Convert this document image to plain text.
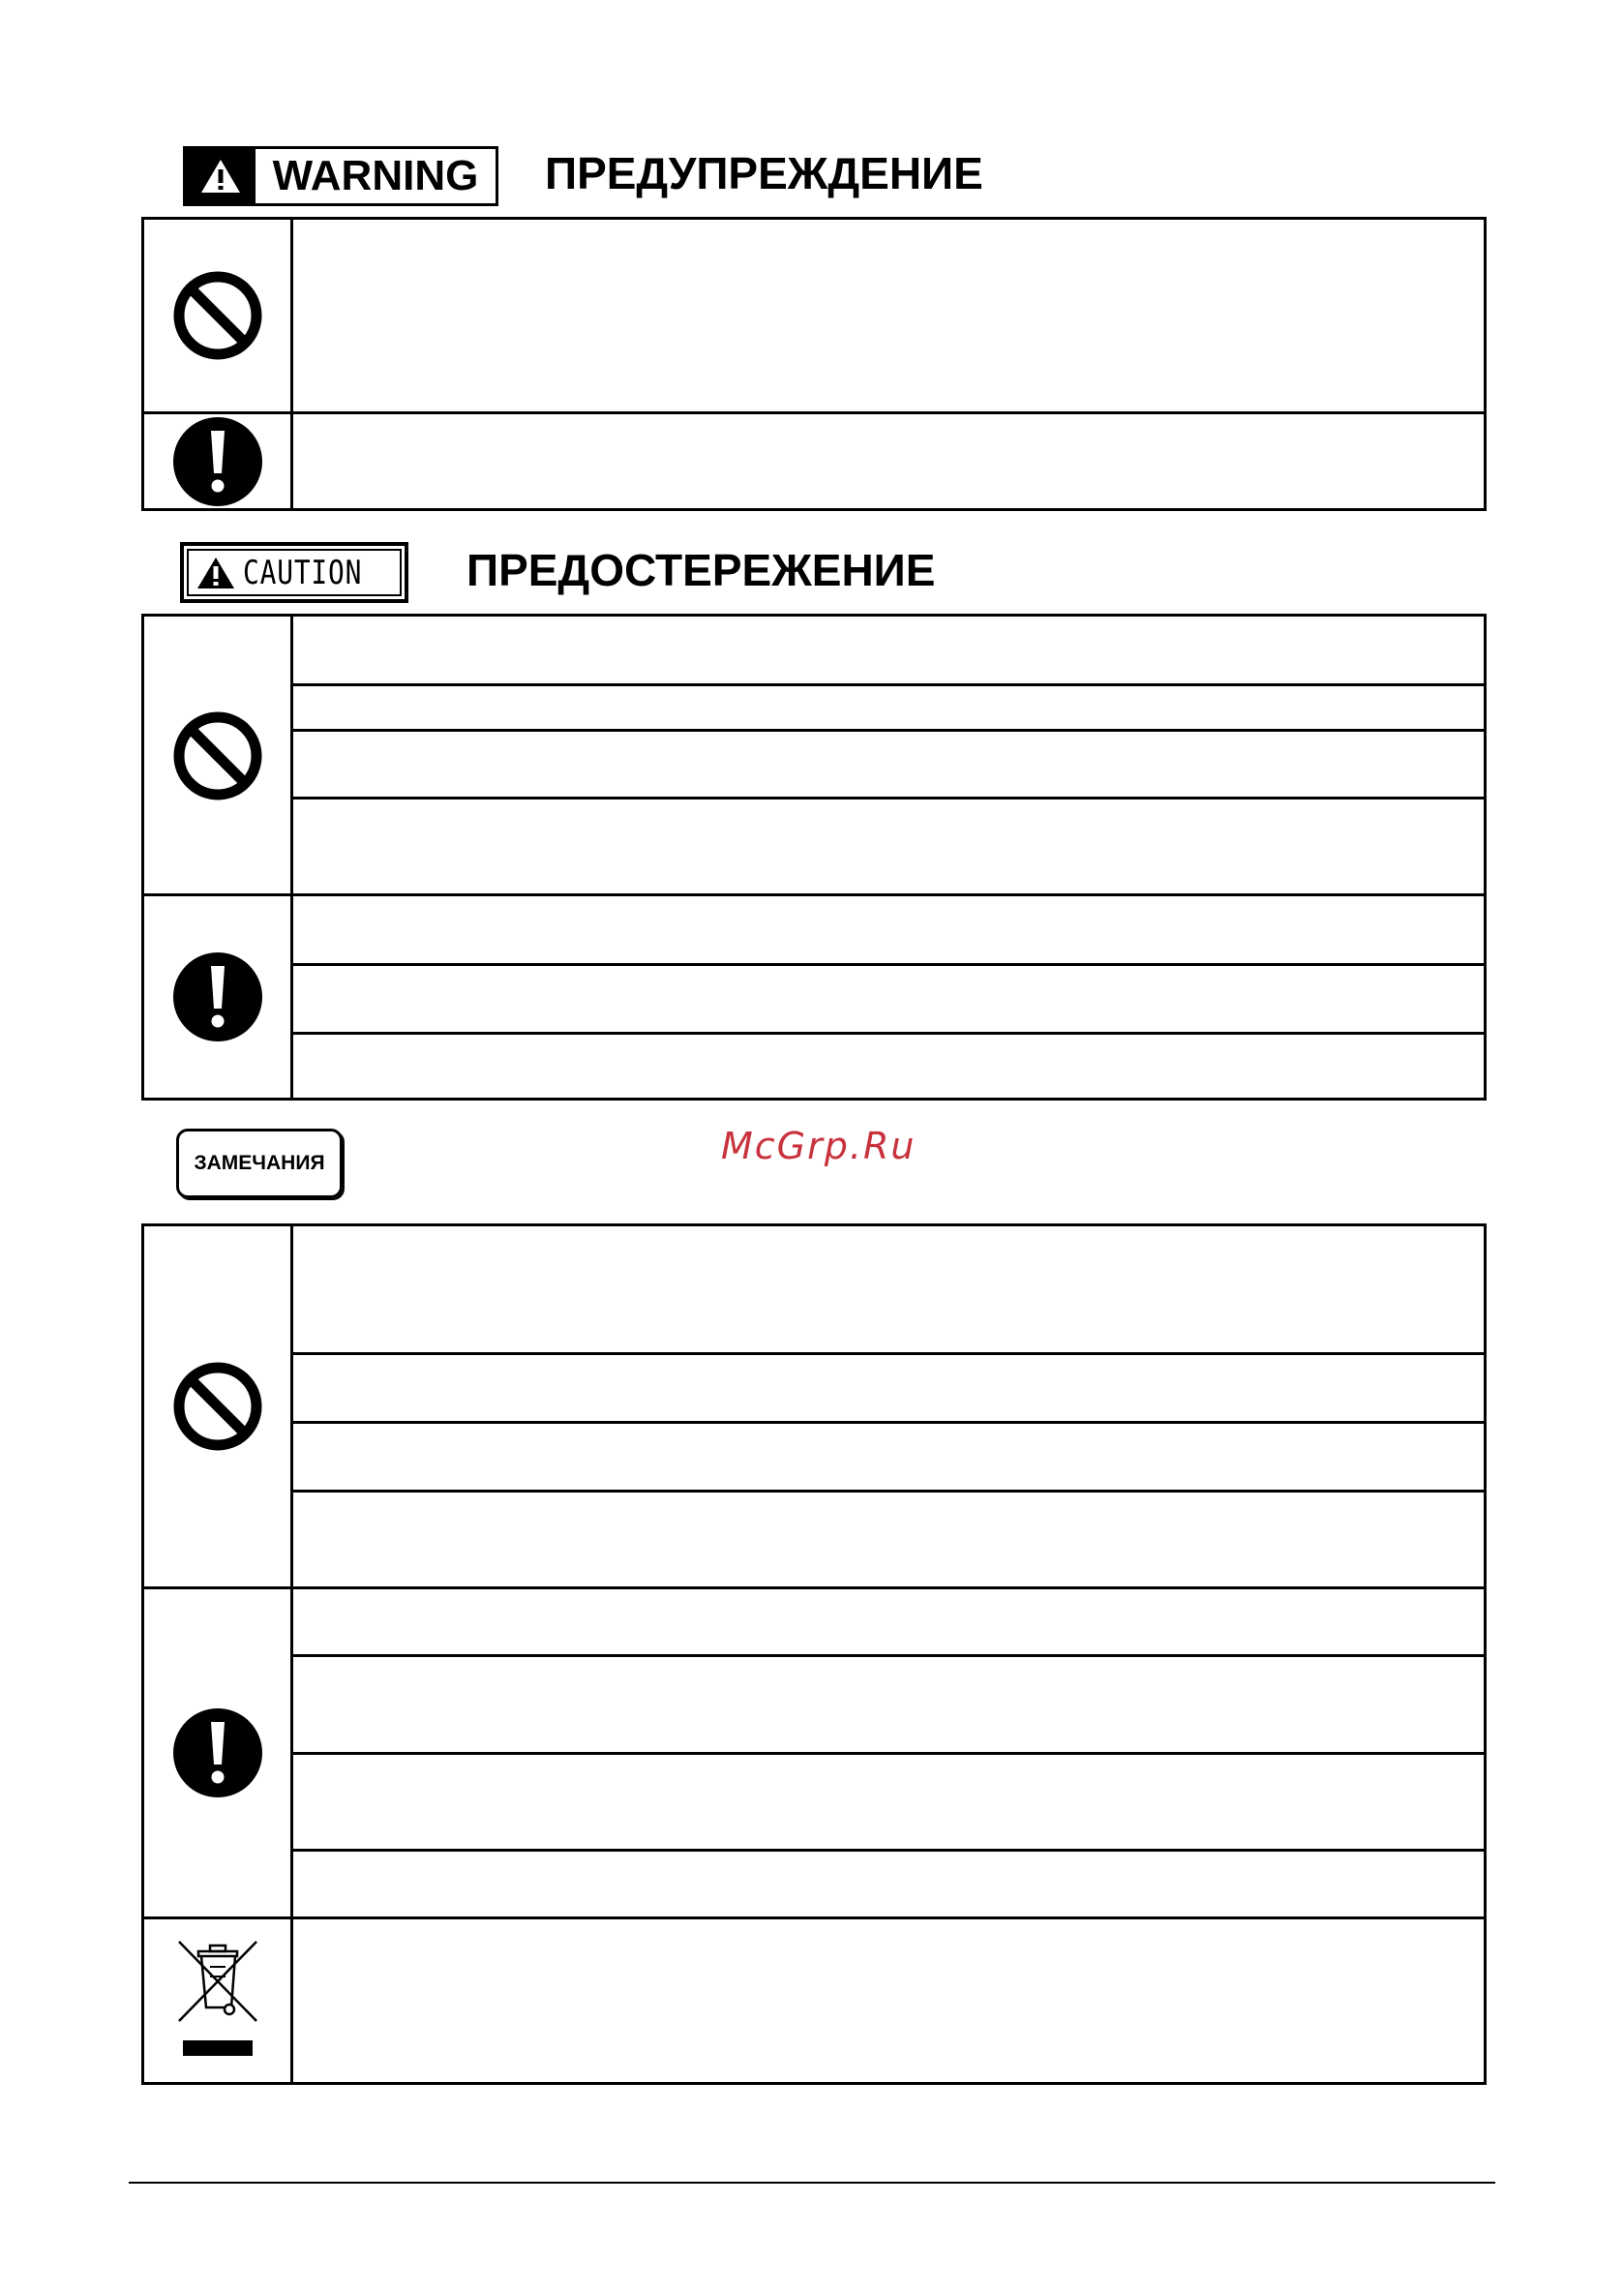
WARNING	ПРЕДУПРЕЖДЕНИЕ
CAUTION ПРЕДОСТЕРЕЖЕНИЕ
ЗАМЕЧАНИЯ	McGrp.Ru
